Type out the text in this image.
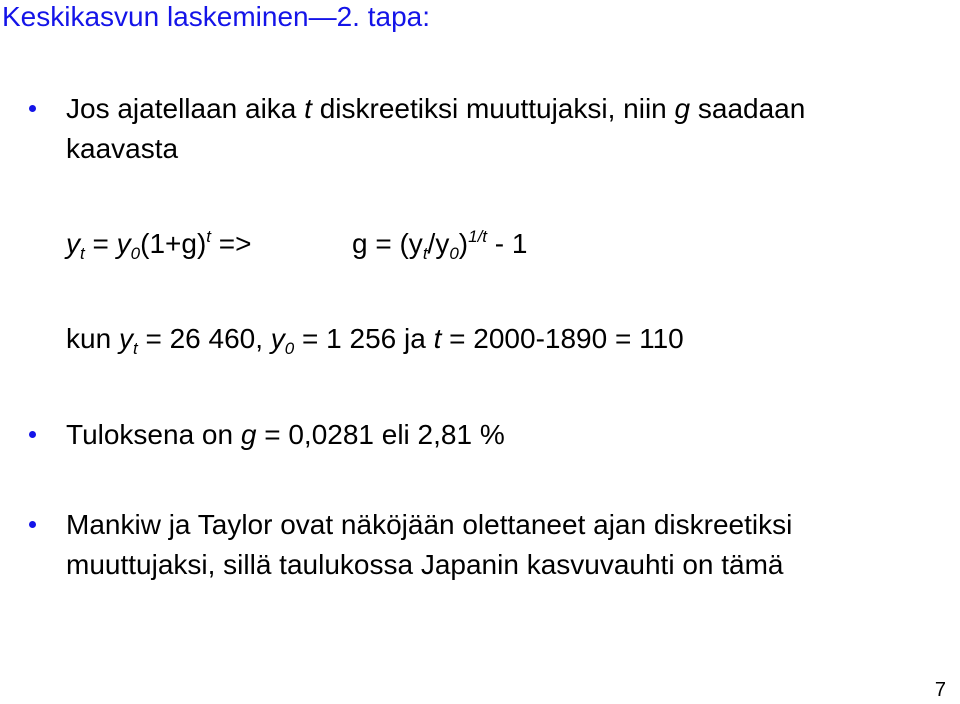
Keskikasvun laskeminen—2. tapa:
Jos ajatellaan aika t diskreetiksi muuttujaksi, niin g saadaan
kaavasta
$y_t = y_0(1+g)^t$ =>	$g = (y_t/y_0)^{1/t} - 1$
kun $y_t = 26$ 460, $y_0 = 1$ 256 ja t = 2000-1890 = 110
Tuloksena on g = 0,0281 eli 2,81 %
Mankiw ja Taylor ovat näköjään olettaneet ajan diskreetiksi
muuttujaksi, sillä taulukossa Japanin kasvuvauhti on tämä
7
